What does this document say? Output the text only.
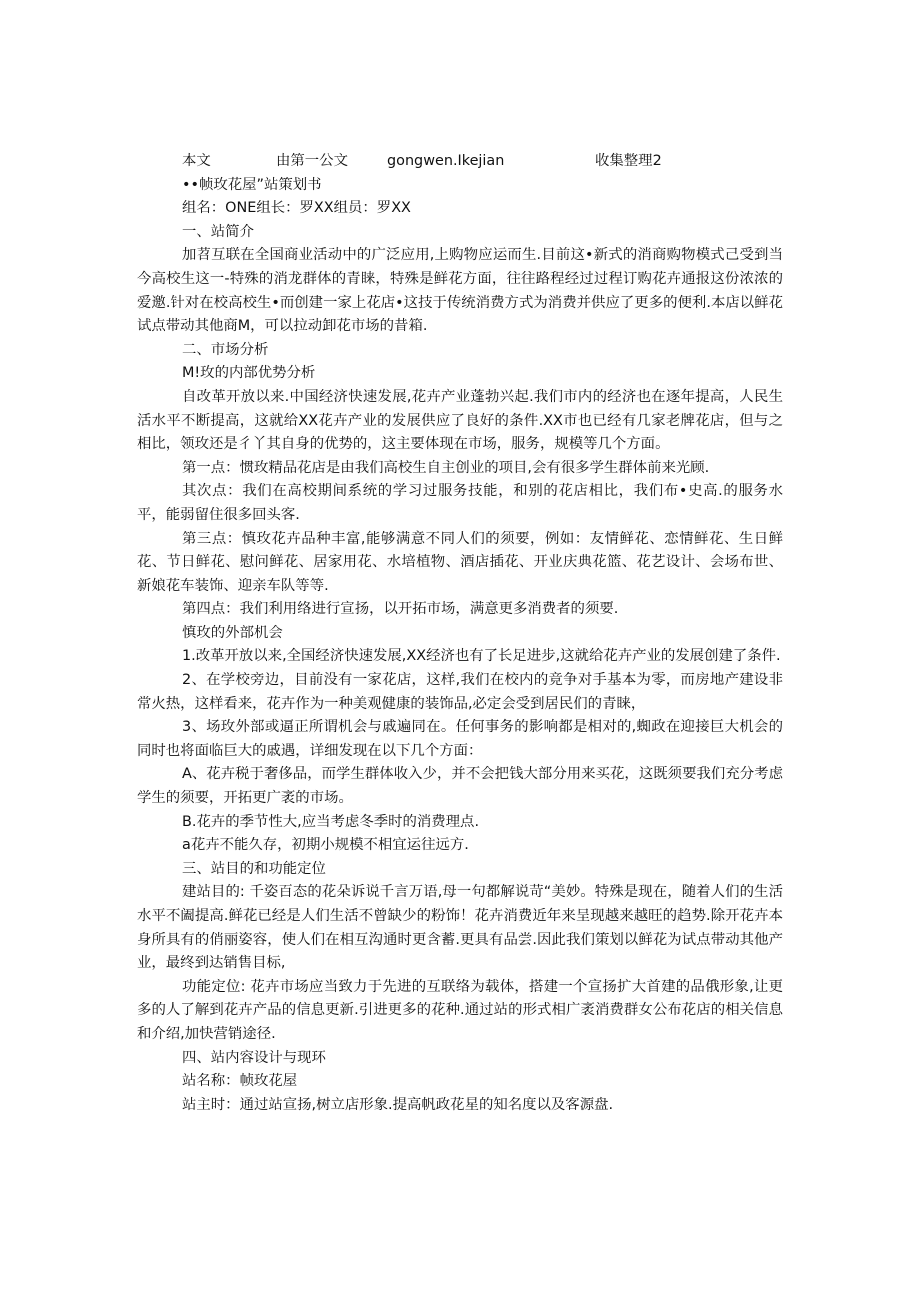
本文	由第一公文	gongwen.Ikejian	收集整理2

••帧玫花屋”站策划书

组名：ONE组长：罗XX组员：罗XX

一、站简介

加苕互联在全国商业活动中的广泛应用,上购物应运而生.目前这•新式的消商购物模式己受到当今高校生这一-特殊的消龙群体的青睐，特殊是鲜花方面，往往路程经过过程订购花卉通报这份浓浓的爱邀.针对在校高校生•而创建一家上花店•这技于传统消费方式为消费并供应了更多的便利.本店以鲜花试点带动其他商M，可以拉动卸花市场的昔箱.

二、市场分析

M!玫的内部优势分析

自改革开放以来.中国经济快速发展,花卉产业蓬勃兴起.我们市内的经济也在逐年提高，人民生活水平不断提高，这就给XX花卉产业的发展供应了良好的条件.XX市也已经有几家老牌花店，但与之相比，领玫还是彳丫其自身的优势的，这主要体现在市场，服务，规模等几个方面。

第一点：惯玫精品花店是由我们高校生自主创业的项目,会有很多学生群体前来光顾.

其次点：我们在高校期间系统的学习过服务技能，和别的花店相比，我们布•史高.的服务水平，能弱留住很多回头客.

第三点：慎玫花卉品种丰富,能够满意不同人们的须要，例如：友情鲜花、恋情鲜花、生日鲜花、节日鲜花、慰问鲜花、居家用花、水培植物、酒店插花、开业庆典花篮、花艺设计、会场布世、新娘花车装饰、迎亲车队等等.

第四点：我们利用络进行宣扬，以开拓市场，满意更多消费者的须要.

慎玫的外部机会

1.改革开放以来,全国经济快速发展,XX经济也有了长足进步,这就给花卉产业的发展创建了条件.

2、在学校旁边，目前没有一家花店，这样,我们在校内的竞争对手基本为零，而房地产建设非常火热，这样看来，花卉作为一种美观健康的装饰品,必定会受到居民们的青睐，

3、场玫外部或逼正所谓机会与戚遍同在。任何事务的影响都是相对的,蜘政在迎接巨大机会的同时也将面临巨大的戚遇，详细发现在以下几个方面：

A、花卉税于奢侈品，而学生群体收入少，并不会把钱大部分用来买花，这既须要我们充分考虑学生的须要，开拓更广袤的市场。

B.花卉的季节性大,应当考虑冬季时的消费理点.

a花卉不能久存，初期小规模不相宜运往远方.

三、站目的和功能定位

建站目的: 千姿百态的花朵诉说千言万语,母一句都解说苛“美妙。特殊是现在，随着人们的生活水平不阖提高.鲜花已经是人们生活不曾缺少的粉饰！花卉消费近年来呈现越来越旺的趋势.除开花卉本身所具有的俏丽姿容，使人们在相互沟通时更含蓄.更具有品尝.因此我们策划以鲜花为试点带动其他产业，最终到达销售目标,

功能定位: 花卉市场应当致力于先进的互联络为载体，搭建一个宣扬扩大首建的品俄形象,让更多的人了解到花卉产品的信息更新.引进更多的花种.通过站的形式相广袤消费群女公布花店的相关信息和介绍,加快营销途径.

四、站内容设计与现环

站名称：帧玫花屋

站主时：通过站宣扬,树立店形象.提高帆政花星的知名度以及客源盘.
